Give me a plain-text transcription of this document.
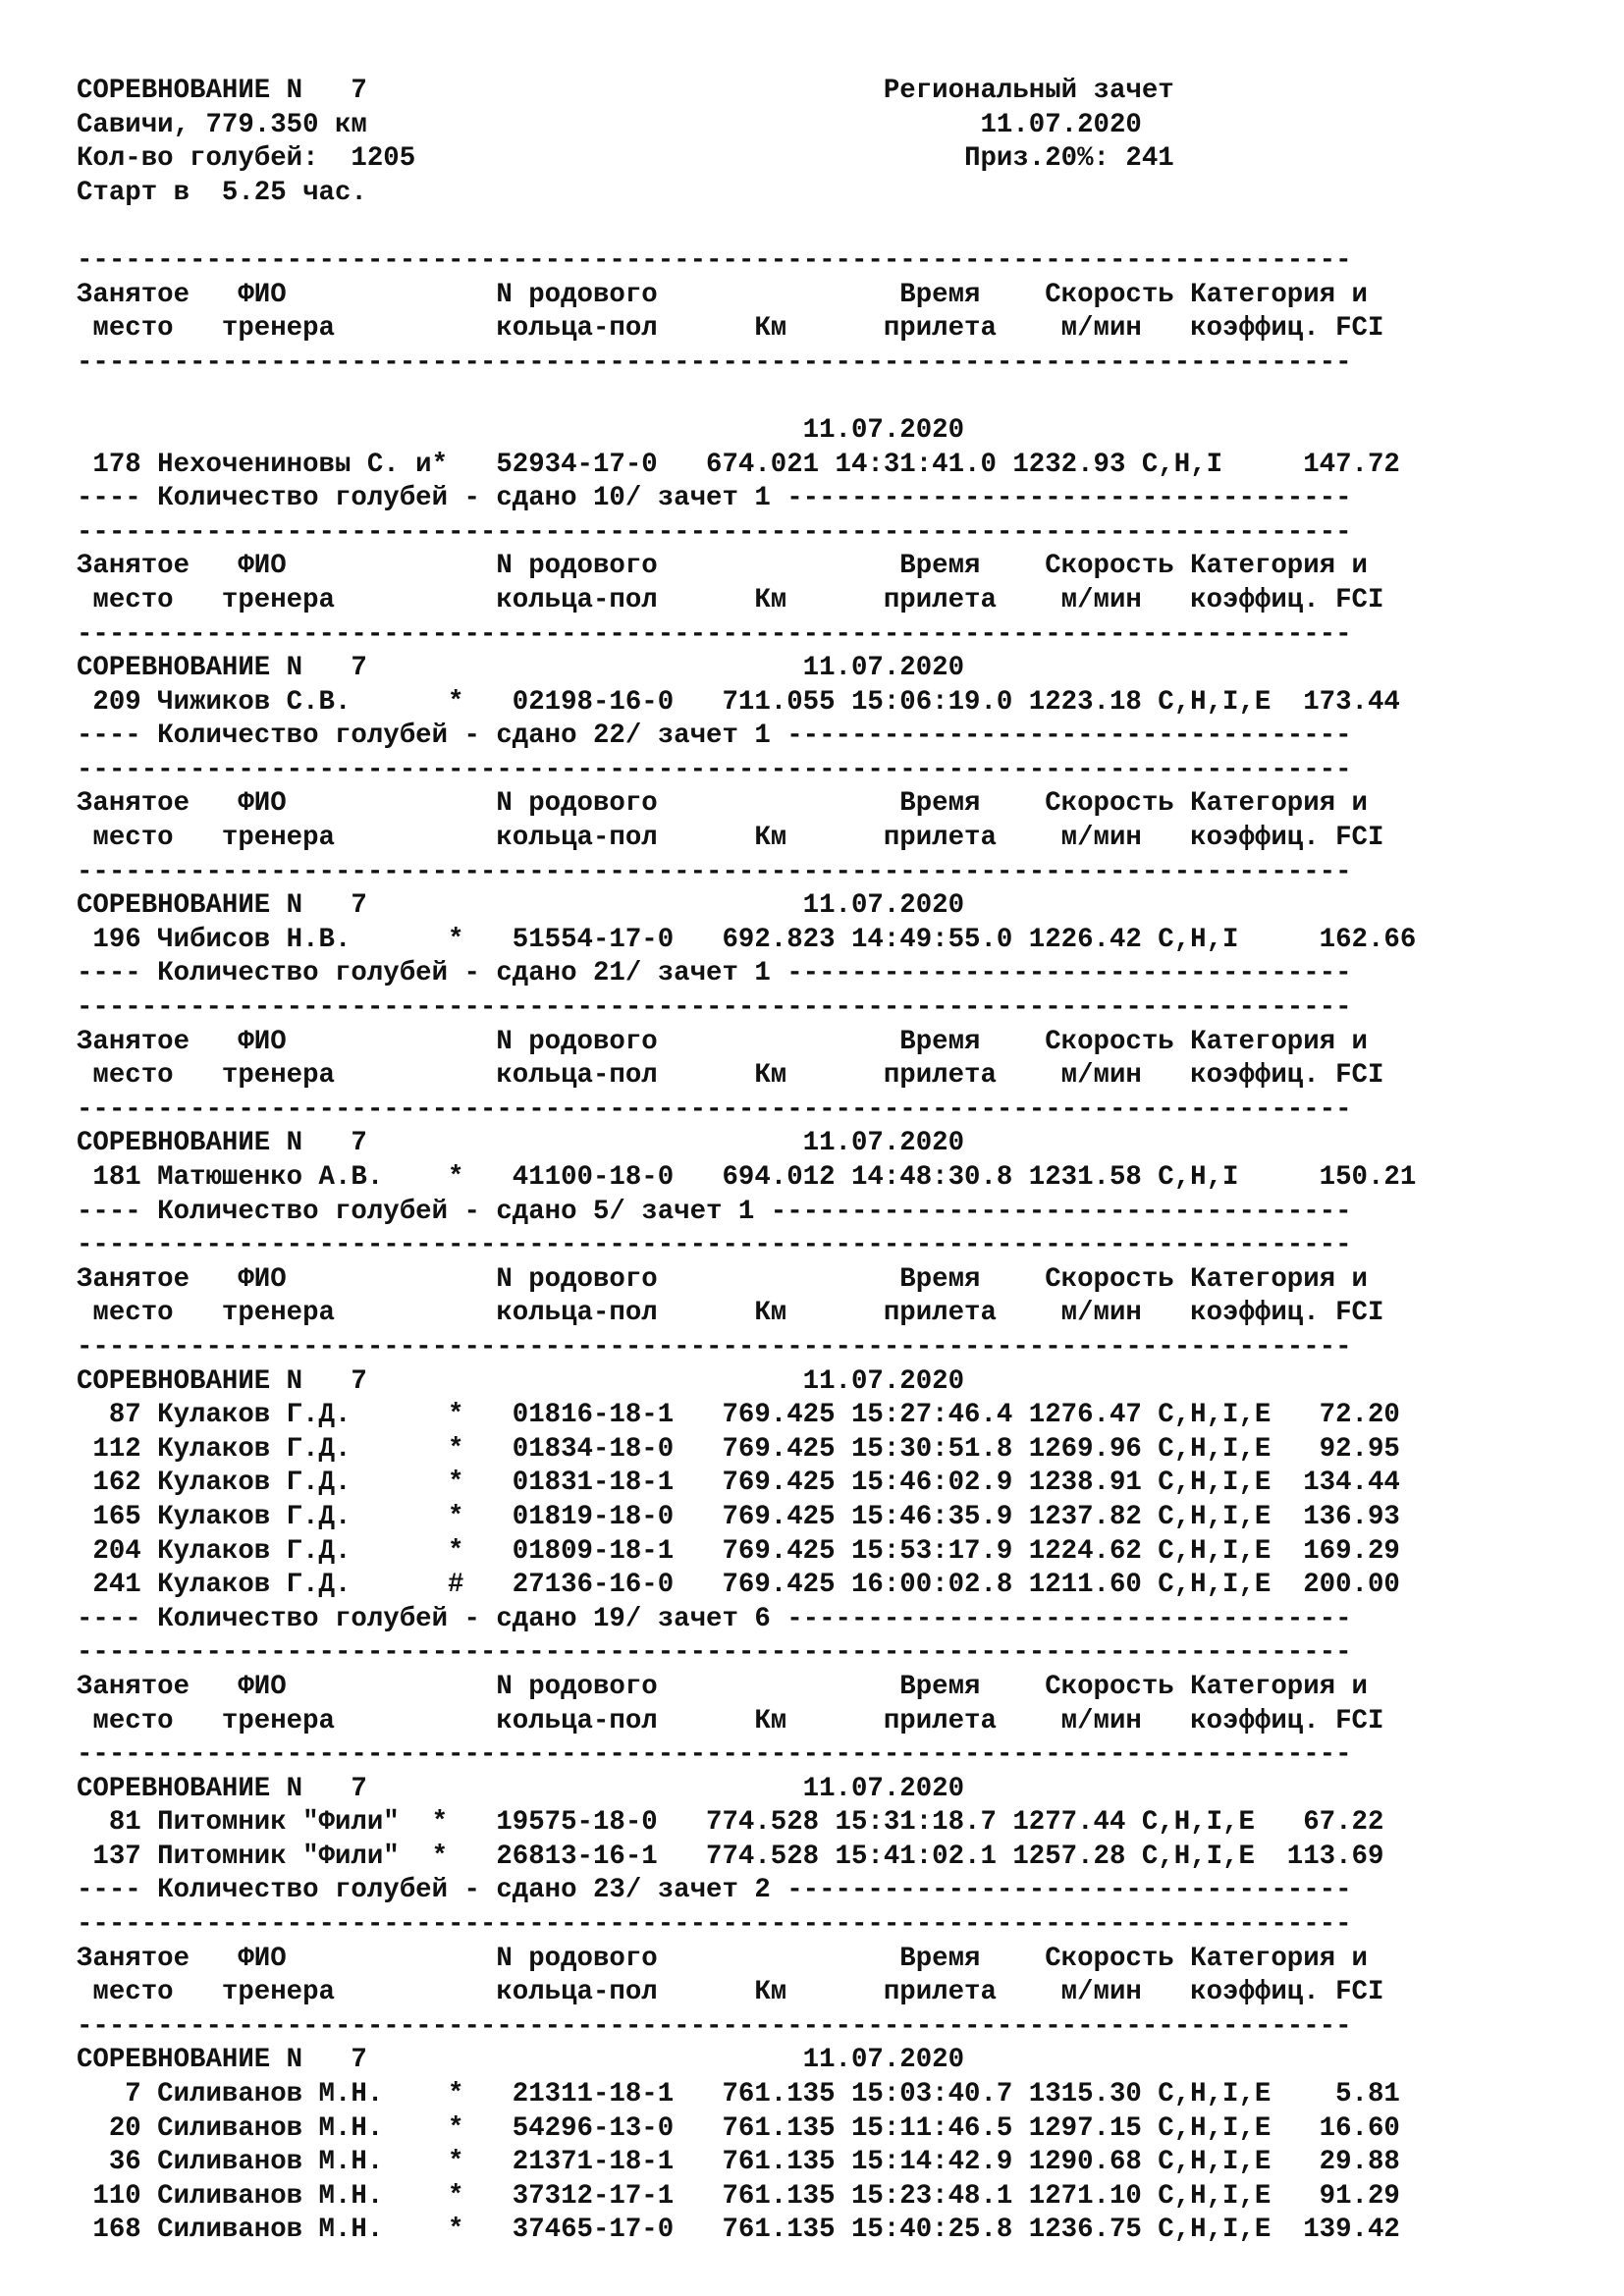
СОРЕВНОВАНИЕ N   7	Региональный зачет
Савичи, 779.350 км	11.07.2020
Кол-во голубей:  1205	Приз.20%: 241
Старт в  5.25 час.

-------------------------------------------------------------------------------
Занятое   ФИО             N родового               Время    Скорость Категория и
место   тренера          кольца-пол      Км      прилета    м/мин   коэффиц. FCI
-------------------------------------------------------------------------------

11.07.2020
178 Нехочениновы С. и*   52934-17-0   674.021 14:31:41.0 1232.93 C,H,I     147.72
---- Количество голубей - сдано 10/ зачет 1 -----------------------------------
-------------------------------------------------------------------------------
Занятое   ФИО             N родового               Время    Скорость Категория и
место   тренера          кольца-пол      Км      прилета    м/мин   коэффиц. FCI
-------------------------------------------------------------------------------
СОРЕВНОВАНИЕ N   7                           11.07.2020
209 Чижиков С.В.      *   02198-16-0   711.055 15:06:19.0 1223.18 C,H,I,E  173.44
---- Количество голубей - сдано 22/ зачет 1 -----------------------------------
-------------------------------------------------------------------------------
Занятое   ФИО             N родового               Время    Скорость Категория и
место   тренера          кольца-пол      Км      прилета    м/мин   коэффиц. FCI
-------------------------------------------------------------------------------
СОРЕВНОВАНИЕ N   7                           11.07.2020
196 Чибисов Н.В.      *   51554-17-0   692.823 14:49:55.0 1226.42 C,H,I     162.66
---- Количество голубей - сдано 21/ зачет 1 -----------------------------------
-------------------------------------------------------------------------------
Занятое   ФИО             N родового               Время    Скорость Категория и
место   тренера          кольца-пол      Км      прилета    м/мин   коэффиц. FCI
-------------------------------------------------------------------------------
СОРЕВНОВАНИЕ N   7                           11.07.2020
181 Матюшенко А.В.    *   41100-18-0   694.012 14:48:30.8 1231.58 C,H,I     150.21
---- Количество голубей - сдано 5/ зачет 1 ------------------------------------
-------------------------------------------------------------------------------
Занятое   ФИО             N родового               Время    Скорость Категория и
место   тренера          кольца-пол      Км      прилета    м/мин   коэффиц. FCI
-------------------------------------------------------------------------------
СОРЕВНОВАНИЕ N   7                           11.07.2020
87 Кулаков Г.Д.      *   01816-18-1   769.425 15:27:46.4 1276.47 C,H,I,E   72.20
112 Кулаков Г.Д.      *   01834-18-0   769.425 15:30:51.8 1269.96 C,H,I,E   92.95
162 Кулаков Г.Д.      *   01831-18-1   769.425 15:46:02.9 1238.91 C,H,I,E  134.44
165 Кулаков Г.Д.      *   01819-18-0   769.425 15:46:35.9 1237.82 C,H,I,E  136.93
204 Кулаков Г.Д.      *   01809-18-1   769.425 15:53:17.9 1224.62 C,H,I,E  169.29
241 Кулаков Г.Д.      #   27136-16-0   769.425 16:00:02.8 1211.60 C,H,I,E  200.00
---- Количество голубей - сдано 19/ зачет 6 -----------------------------------
-------------------------------------------------------------------------------
Занятое   ФИО             N родового               Время    Скорость Категория и
место   тренера          кольца-пол      Км      прилета    м/мин   коэффиц. FCI
-------------------------------------------------------------------------------
СОРЕВНОВАНИЕ N   7                           11.07.2020
81 Питомник "Фили"  *   19575-18-0   774.528 15:31:18.7 1277.44 C,H,I,E   67.22
137 Питомник "Фили"  *   26813-16-1   774.528 15:41:02.1 1257.28 C,H,I,E  113.69
---- Количество голубей - сдано 23/ зачет 2 -----------------------------------
-------------------------------------------------------------------------------
Занятое   ФИО             N родового               Время    Скорость Категория и
место   тренера          кольца-пол      Км      прилета    м/мин   коэффиц. FCI
-------------------------------------------------------------------------------
СОРЕВНОВАНИЕ N   7                           11.07.2020
7 Силиванов М.Н.    *   21311-18-1   761.135 15:03:40.7 1315.30 C,H,I,E    5.81
20 Силиванов М.Н.    *   54296-13-0   761.135 15:11:46.5 1297.15 C,H,I,E   16.60
36 Силиванов М.Н.    *   21371-18-1   761.135 15:14:42.9 1290.68 C,H,I,E   29.88
110 Силиванов М.Н.    *   37312-17-1   761.135 15:23:48.1 1271.10 C,H,I,E   91.29
168 Силиванов М.Н.    *   37465-17-0   761.135 15:40:25.8 1236.75 C,H,I,E  139.42
